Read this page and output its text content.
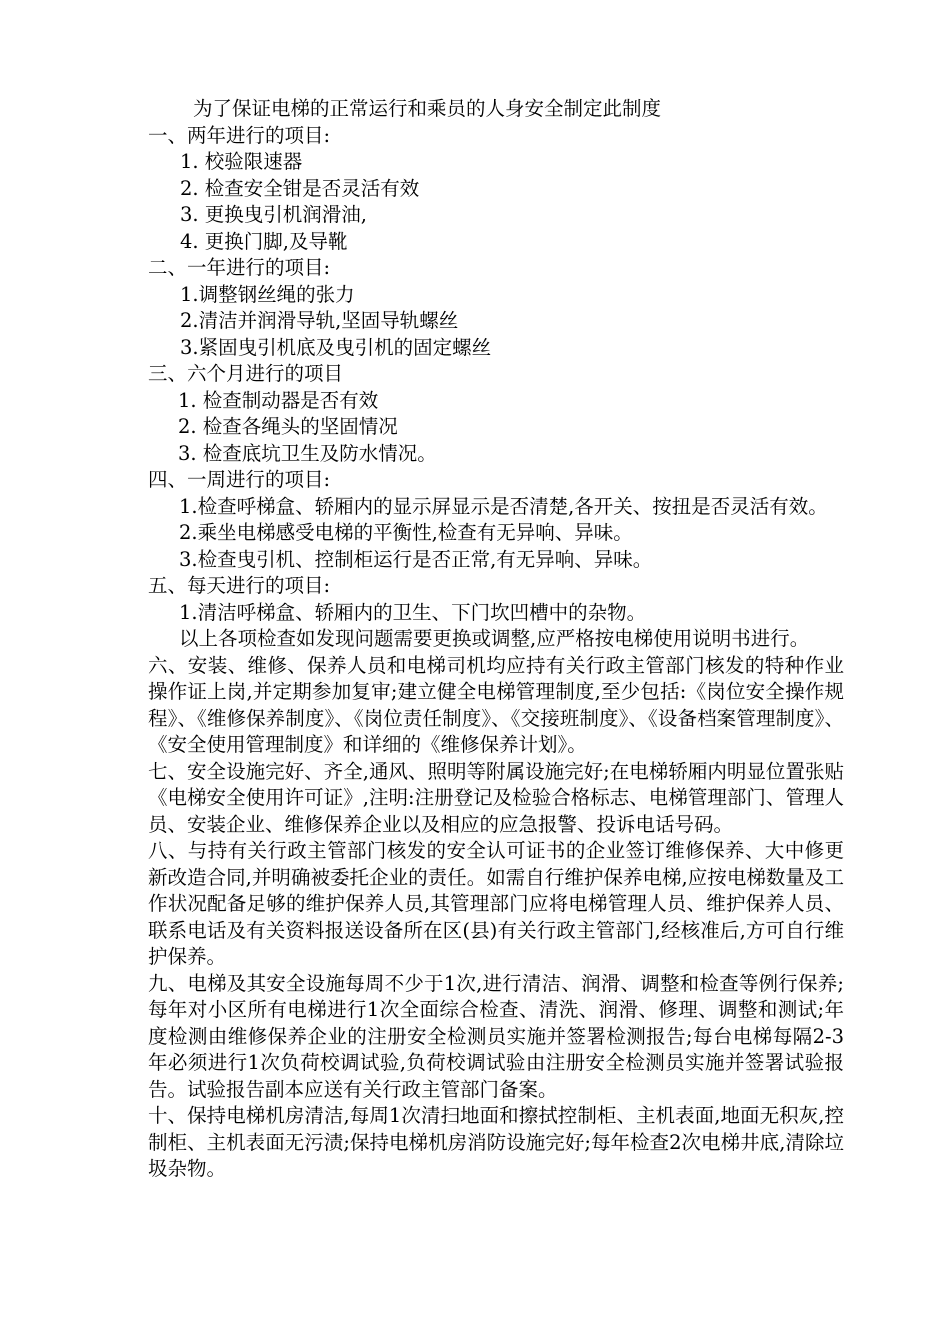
为了保证电梯的正常运行和乘员的人身安全制定此制度
一、两年进行的项目:
1. 校验限速器
2. 检查安全钳是否灵活有效
3. 更换曳引机润滑油,
4. 更换门脚,及导靴
二、一年进行的项目:
1.调整钢丝绳的张力
2.清洁并润滑导轨,坚固导轨螺丝
3.紧固曳引机底及曳引机的固定螺丝
三、六个月进行的项目
1. 检查制动器是否有效
2. 检查各绳头的坚固情况
3. 检查底坑卫生及防水情况。
四、一周进行的项目:
1.检查呼梯盒、轿厢内的显示屏显示是否清楚,各开关、按扭是否灵活有效。
2.乘坐电梯感受电梯的平衡性,检查有无异响、异味。
3.检查曳引机、控制柜运行是否正常,有无异响、异味。
五、每天进行的项目:
1.清洁呼梯盒、轿厢内的卫生、下门坎凹槽中的杂物。
以上各项检查如发现问题需要更换或调整,应严格按电梯使用说明书进行。
六、安装、维修、保养人员和电梯司机均应持有关行政主管部门核发的特种作业操作证上岗,并定期参加复审;建立健全电梯管理制度,至少包括:《岗位安全操作规程》、《维修保养制度》、《岗位责任制度》、《交接班制度》、《设备档案管理制度》、《安全使用管理制度》和详细的《维修保养计划》。
七、安全设施完好、齐全,通风、照明等附属设施完好;在电梯轿厢内明显位置张贴《电梯安全使用许可证》,注明:注册登记及检验合格标志、电梯管理部门、管理人员、安装企业、维修保养企业以及相应的应急报警、投诉电话号码。
八、与持有关行政主管部门核发的安全认可证书的企业签订维修保养、大中修更新改造合同,并明确被委托企业的责任。如需自行维护保养电梯,应按电梯数量及工作状况配备足够的维护保养人员,其管理部门应将电梯管理人员、维护保养人员、联系电话及有关资料报送设备所在区(县)有关行政主管部门,经核准后,方可自行维护保养。
九、电梯及其安全设施每周不少于1次,进行清洁、润滑、调整和检查等例行保养;每年对小区所有电梯进行1次全面综合检查、清洗、润滑、修理、调整和测试;年度检测由维修保养企业的注册安全检测员实施并签署检测报告;每台电梯每隔2-3年必须进行1次负荷校调试验,负荷校调试验由注册安全检测员实施并签署试验报告。试验报告副本应送有关行政主管部门备案。
十、保持电梯机房清洁,每周1次清扫地面和擦拭控制柜、主机表面,地面无积灰,控制柜、主机表面无污渍;保持电梯机房消防设施完好;每年检查2次电梯井底,清除垃圾杂物。
